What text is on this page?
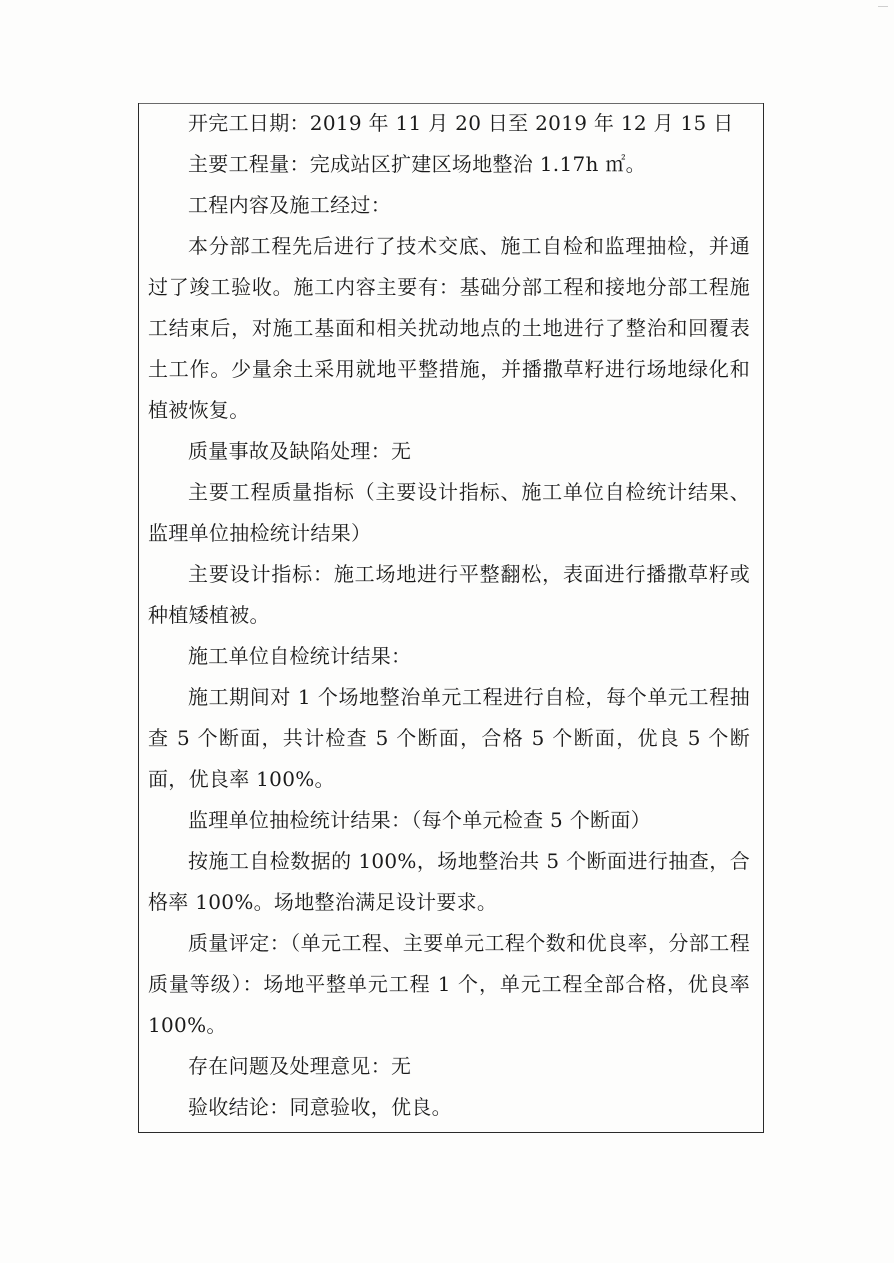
开完工日期：2019 年 11 月 20 日至 2019 年 12 月 15 日

主要工程量：完成站区扩建区场地整治 1.17h ㎡。

工程内容及施工经过：

本分部工程先后进行了技术交底、施工自检和监理抽检，并通过了竣工验收。施工内容主要有：基础分部工程和接地分部工程施工结束后，对施工基面和相关扰动地点的土地进行了整治和回覆表土工作。少量余土采用就地平整措施，并播撒草籽进行场地绿化和植被恢复。

质量事故及缺陷处理：无

主要工程质量指标（主要设计指标、施工单位自检统计结果、监理单位抽检统计结果）

主要设计指标：施工场地进行平整翻松，表面进行播撒草籽或种植矮植被。

施工单位自检统计结果：

施工期间对 1 个场地整治单元工程进行自检，每个单元工程抽查 5 个断面，共计检查 5 个断面，合格 5 个断面，优良 5 个断面，优良率 100%。

监理单位抽检统计结果：（每个单元检查 5 个断面）

按施工自检数据的 100%，场地整治共 5 个断面进行抽查，合格率 100%。场地整治满足设计要求。

质量评定：（单元工程、主要单元工程个数和优良率，分部工程质量等级）：场地平整单元工程 1 个，单元工程全部合格，优良率 100%。

存在问题及处理意见：无

验收结论：同意验收，优良。
